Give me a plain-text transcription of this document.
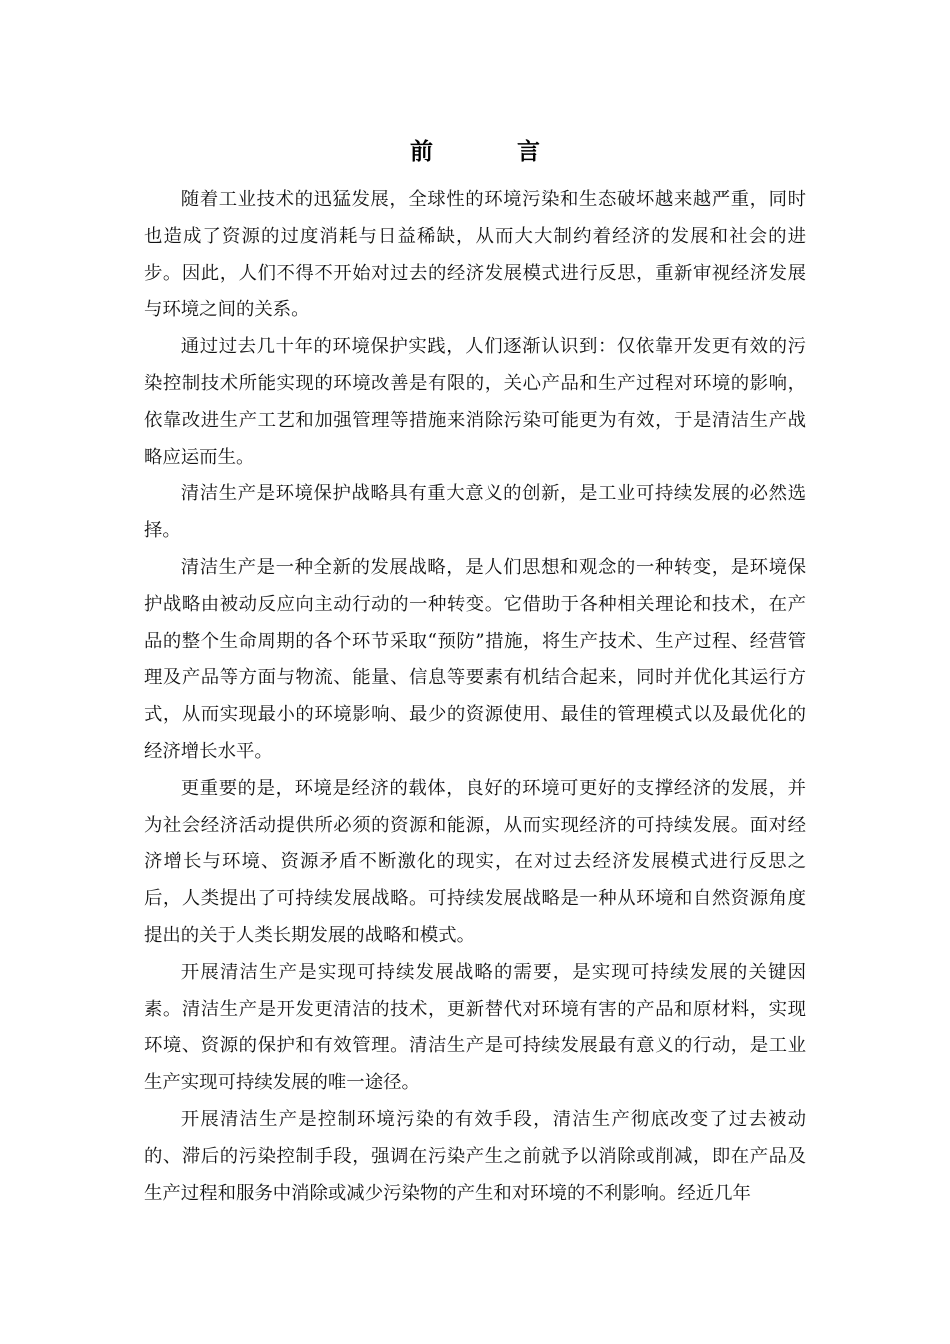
前 言

随着工业技术的迅猛发展，全球性的环境污染和生态破坏越来越严重，同时也造成了资源的过度消耗与日益稀缺，从而大大制约着经济的发展和社会的进步。因此，人们不得不开始对过去的经济发展模式进行反思，重新审视经济发展与环境之间的关系。

通过过去几十年的环境保护实践，人们逐渐认识到：仅依靠开发更有效的污染控制技术所能实现的环境改善是有限的，关心产品和生产过程对环境的影响，依靠改进生产工艺和加强管理等措施来消除污染可能更为有效，于是清洁生产战略应运而生。

清洁生产是环境保护战略具有重大意义的创新，是工业可持续发展的必然选择。

清洁生产是一种全新的发展战略，是人们思想和观念的一种转变，是环境保护战略由被动反应向主动行动的一种转变。它借助于各种相关理论和技术，在产品的整个生命周期的各个环节采取“预防”措施，将生产技术、生产过程、经营管理及产品等方面与物流、能量、信息等要素有机结合起来，同时并优化其运行方式，从而实现最小的环境影响、最少的资源使用、最佳的管理模式以及最优化的经济增长水平。

更重要的是，环境是经济的载体，良好的环境可更好的支撑经济的发展，并为社会经济活动提供所必须的资源和能源，从而实现经济的可持续发展。面对经济增长与环境、资源矛盾不断激化的现实，在对过去经济发展模式进行反思之后，人类提出了可持续发展战略。可持续发展战略是一种从环境和自然资源角度提出的关于人类长期发展的战略和模式。

开展清洁生产是实现可持续发展战略的需要，是实现可持续发展的关键因素。清洁生产是开发更清洁的技术，更新替代对环境有害的产品和原材料，实现环境、资源的保护和有效管理。清洁生产是可持续发展最有意义的行动，是工业生产实现可持续发展的唯一途径。

开展清洁生产是控制环境污染的有效手段，清洁生产彻底改变了过去被动的、滞后的污染控制手段，强调在污染产生之前就予以消除或削减，即在产品及生产过程和服务中消除或减少污染物的产生和对环境的不利影响。经近几年
